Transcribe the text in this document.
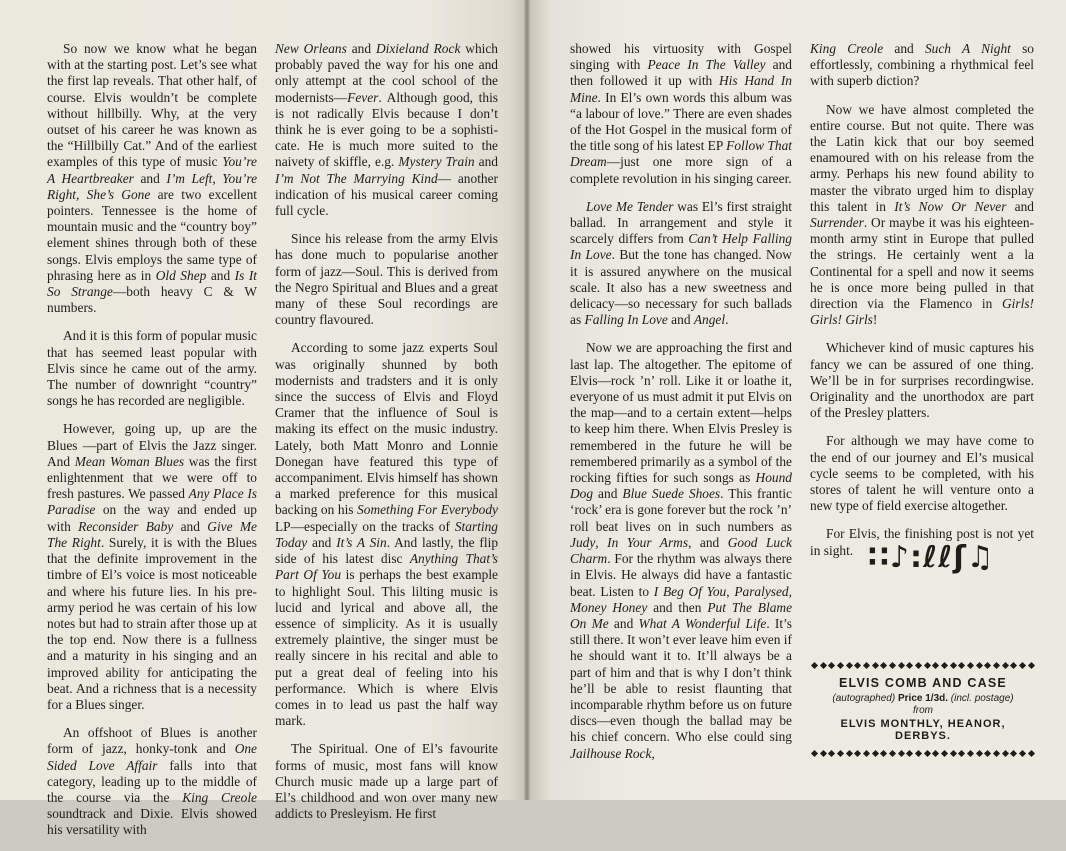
So now we know what he began with at the starting post. Let’s see what the first lap reveals. That other half, of course. Elvis wouldn’t be complete without hillbilly. Why, at the very outset of his career he was known as the “Hillbilly Cat.” And of the earliest examples of this type of music You’re A Heartbreaker and I’m Left, You’re Right, She’s Gone are two excellent pointers. Tennessee is the home of mountain music and the “country boy” element shines through both of these songs. Elvis employs the same type of phrasing here as in Old Shep and Is It So Strange—both heavy C & W numbers.

And it is this form of popular music that has seemed least popular with Elvis since he came out of the army. The number of downright “country” songs he has recorded are negligible.

However, going up, up are the Blues —part of Elvis the Jazz singer. And Mean Woman Blues was the first enlightenment that we were off to fresh pastures. We passed Any Place Is Paradise on the way and ended up with Reconsider Baby and Give Me The Right. Surely, it is with the Blues that the definite improvement in the timbre of El’s voice is most noticeable and where his future lies. In his pre-army period he was certain of his low notes but had to strain after those up at the top end. Now there is a fullness and a maturity in his singing and an improved ability for anticipating the beat. And a richness that is a necessity for a Blues singer.

An offshoot of Blues is another form of jazz, honky-tonk and One Sided Love Affair falls into that category, leading up to the middle of the course via the King Creole soundtrack and Dixie. Elvis showed his versatility with

New Orleans and Dixieland Rock which probably paved the way for his one and only attempt at the cool school of the modernists—Fever. Although good, this is not radically Elvis because I don’t think he is ever going to be a sophisticate. He is much more suited to the naivety of skiffle, e.g. Mystery Train and I’m Not The Marrying Kind— another indication of his musical career coming full cycle.

Since his release from the army Elvis has done much to popularise another form of jazz—Soul. This is derived from the Negro Spiritual and Blues and a great many of these Soul recordings are country flavoured.

According to some jazz experts Soul was originally shunned by both modernists and tradsters and it is only since the success of Elvis and Floyd Cramer that the influence of Soul is making its effect on the music industry. Lately, both Matt Monro and Lonnie Donegan have featured this type of accompaniment. Elvis himself has shown a marked preference for this musical backing on his Something For Everybody LP—especially on the tracks of Starting Today and It’s A Sin. And lastly, the flip side of his latest disc Anything That’s Part Of You is perhaps the best example to highlight Soul. This lilting music is lucid and lyrical and above all, the essence of simplicity. As it is usually extremely plaintive, the singer must be really sincere in his recital and able to put a great deal of feeling into his performance. Which is where Elvis comes in to lead us past the half way mark.

The Spiritual. One of El’s favourite forms of music, most fans will know Church music made up a large part of El’s childhood and won over many new addicts to Presleyism. He first

showed his virtuosity with Gospel singing with Peace In The Valley and then followed it up with His Hand In Mine. In El’s own words this album was “a labour of love.” There are even shades of the Hot Gospel in the musical form of the title song of his latest EP Follow That Dream—just one more sign of a complete revolution in his singing career.

Love Me Tender was El’s first straight ballad. In arrangement and style it scarcely differs from Can’t Help Falling In Love. But the tone has changed. Now it is assured anywhere on the musical scale. It also has a new sweetness and delicacy—so necessary for such ballads as Falling In Love and Angel.

Now we are approaching the first and last lap. The altogether. The epitome of Elvis—rock ’n’ roll. Like it or loathe it, everyone of us must admit it put Elvis on the map—and to a certain extent—helps to keep him there. When Elvis Presley is remembered in the future he will be remembered primarily as a symbol of the rocking fifties for such songs as Hound Dog and Blue Suede Shoes. This frantic ‘rock’ era is gone forever but the rock ’n’ roll beat lives on in such numbers as Judy, In Your Arms, and Good Luck Charm. For the rhythm was always there in Elvis. He always did have a fantastic beat. Listen to I Beg Of You, Paralysed, Money Honey and then Put The Blame On Me and What A Wonderful Life. It’s still there. It won’t ever leave him even if he should want it to. It’ll always be a part of him and that is why I don’t think he’ll be able to resist flaunting that incomparable rhythm before us on future discs—even though the ballad may be his chief concern. Who else could sing Jailhouse Rock,

King Creole and Such A Night so effortlessly, combining a rhythmical feel with superb diction?

Now we have almost completed the entire course. But not quite. There was the Latin kick that our boy seemed enamoured with on his release from the army. Perhaps his new found ability to master the vibrato urged him to display this talent in It’s Now Or Never and Surrender. Or maybe it was his eighteen-month army stint in Europe that pulled the strings. He certainly went a la Continental for a spell and now it seems he is once more being pulled in that direction via the Flamenco in Girls! Girls! Girls!

Whichever kind of music captures his fancy we can be assured of one thing. We’ll be in for surprises recordingwise. Originality and the unorthodox are part of the Presley platters.

For although we may have come to the end of our journey and El’s musical cycle seems to be completed, with his stores of talent he will venture onto a new type of field exercise altogether.

For Elvis, the finishing post is not yet in sight. ∷♪:ℓℓʃ♫
ELVIS COMB AND CASE
(autographed) Price 1/3d. (incl. postage)
from
ELVIS MONTHLY, HEANOR, DERBYS.
